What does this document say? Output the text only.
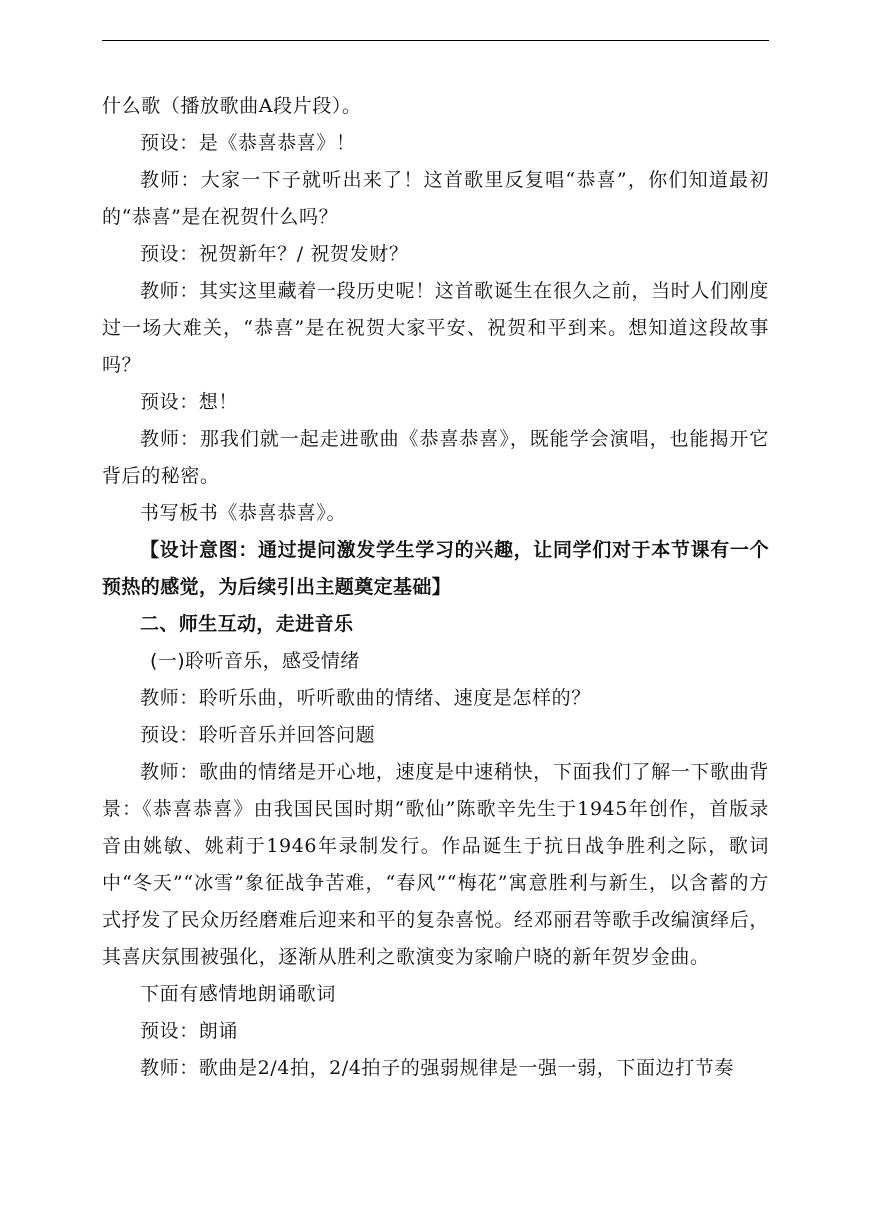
什么歌（播放歌曲A段片段）。

预设：是《恭喜恭喜》！

教师：大家一下子就听出来了！这首歌里反复唱“恭喜”，你们知道最初的“恭喜”是在祝贺什么吗？

预设：祝贺新年？/ 祝贺发财？

教师：其实这里藏着一段历史呢！这首歌诞生在很久之前，当时人们刚度过一场大难关，“恭喜”是在祝贺大家平安、祝贺和平到来。想知道这段故事吗？

预设：想！

教师：那我们就一起走进歌曲《恭喜恭喜》，既能学会演唱，也能揭开它背后的秘密。

书写板书《恭喜恭喜》。

【设计意图：通过提问激发学生学习的兴趣，让同学们对于本节课有一个预热的感觉，为后续引出主题奠定基础】

二、师生互动，走进音乐

(一)聆听音乐，感受情绪

教师：聆听乐曲，听听歌曲的情绪、速度是怎样的？

预设：聆听音乐并回答问题

教师：歌曲的情绪是开心地，速度是中速稍快，下面我们了解一下歌曲背景：《恭喜恭喜》由我国民国时期“歌仙”陈歌辛先生于1945年创作，首版录音由姚敏、姚莉于1946年录制发行。作品诞生于抗日战争胜利之际，歌词中“冬天”“冰雪”象征战争苦难，“春风”“梅花”寓意胜利与新生，以含蓄的方式抒发了民众历经磨难后迎来和平的复杂喜悦。经邓丽君等歌手改编演绎后，其喜庆氛围被强化，逐渐从胜利之歌演变为家喻户晓的新年贺岁金曲。

下面有感情地朗诵歌词

预设：朗诵

教师：歌曲是2/4拍，2/4拍子的强弱规律是一强一弱，下面边打节奏
